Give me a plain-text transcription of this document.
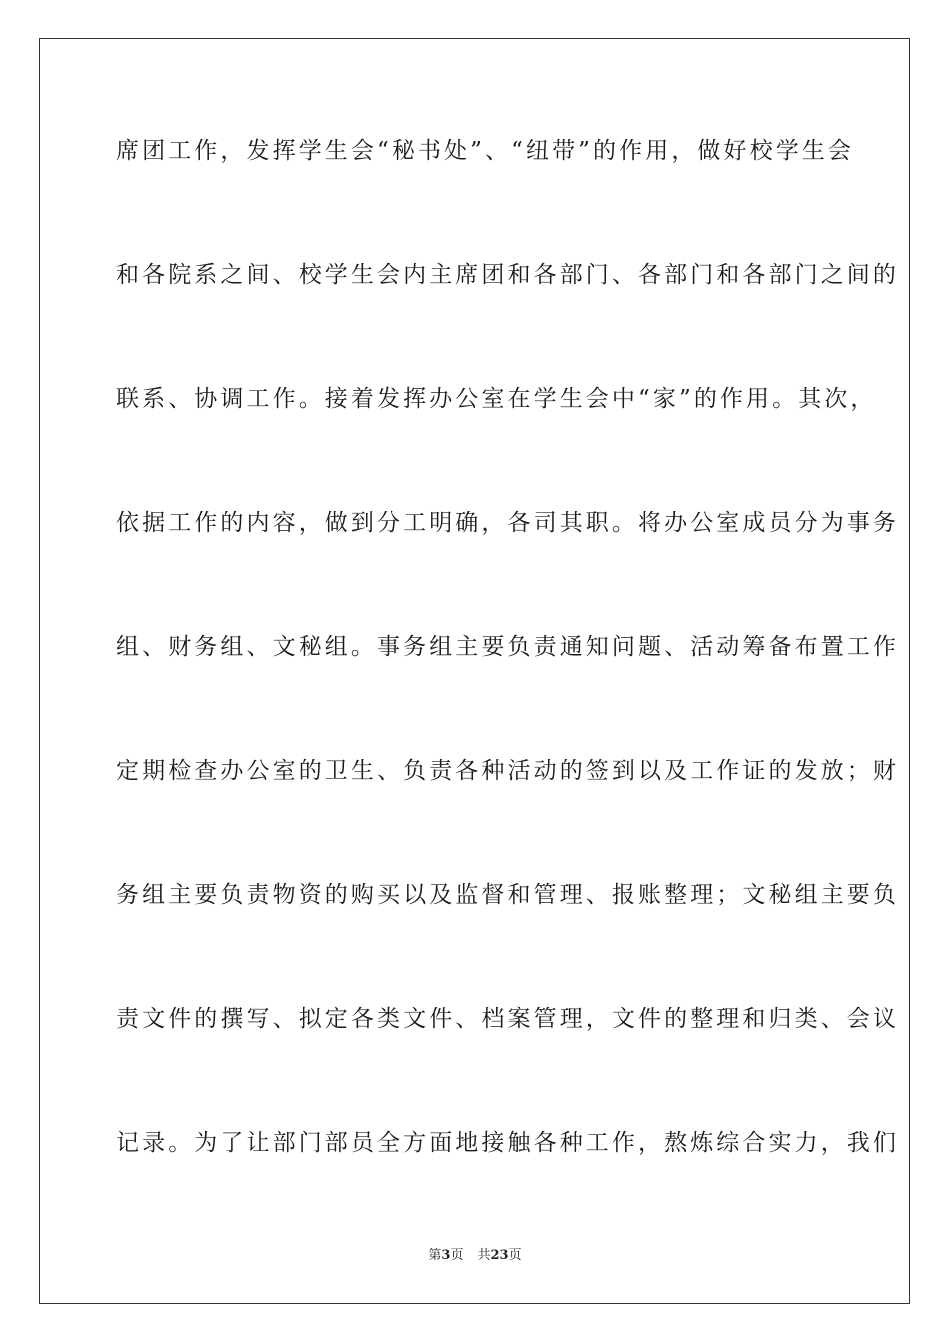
席团工作，发挥学生会“秘书处”、“纽带”的作用，做好校学生会
和各院系之间、校学生会内主席团和各部门、各部门和各部门之间的
联系、协调工作。接着发挥办公室在学生会中“家”的作用。其次，
依据工作的内容，做到分工明确，各司其职。将办公室成员分为事务
组、财务组、文秘组。事务组主要负责通知问题、活动筹备布置工作
定期检查办公室的卫生、负责各种活动的签到以及工作证的发放；财
务组主要负责物资的购买以及监督和管理、报账整理；文秘组主要负
责文件的撰写、拟定各类文件、档案管理，文件的整理和归类、会议
记录。为了让部门部员全方面地接触各种工作，熬炼综合实力，我们
第3页 共23页
